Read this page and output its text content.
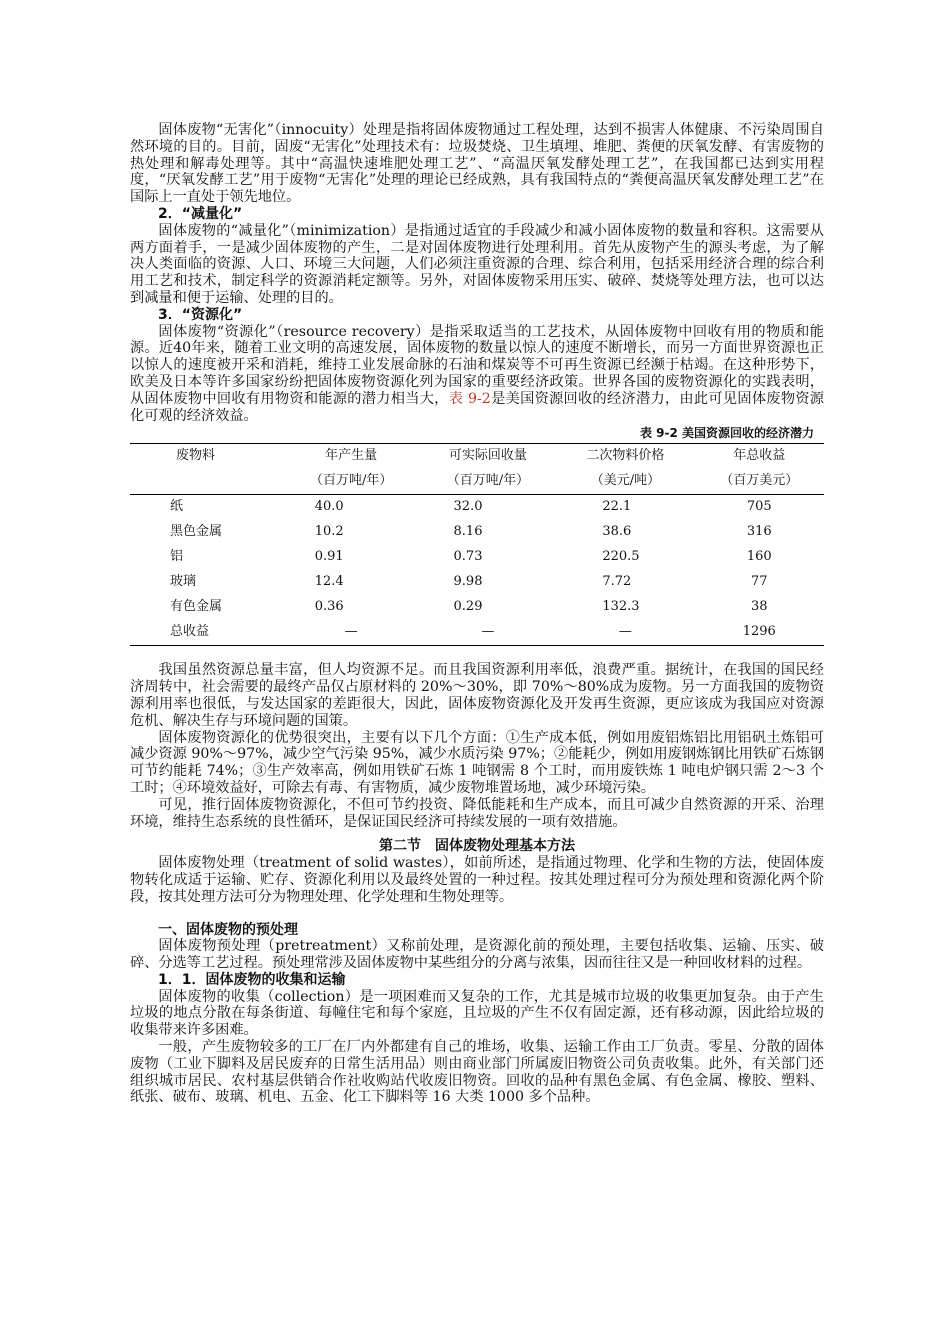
固体废物“无害化”（innocuity）处理是指将固体废物通过工程处理，达到不损害人体健康、不污染周围自然环境的目的。目前，固废“无害化”处理技术有：垃圾焚烧、卫生填埋、堆肥、粪便的厌氧发酵、有害废物的热处理和解毒处理等。其中“高温快速堆肥处理工艺”、“高温厌氧发酵处理工艺”，在我国都已达到实用程度，“厌氧发酵工艺”用于废物“无害化”处理的理论已经成熟，具有我国特点的“粪便高温厌氧发酵处理工艺”在国际上一直处于领先地位。

2．“减量化”

固体废物的“减量化”（minimization）是指通过适宜的手段减少和减小固体废物的数量和容积。这需要从两方面着手，一是减少固体废物的产生，二是对固体废物进行处理利用。首先从废物产生的源头考虑，为了解决人类面临的资源、人口、环境三大问题，人们必须注重资源的合理、综合利用，包括采用经济合理的综合利用工艺和技术，制定科学的资源消耗定额等。另外，对固体废物采用压实、破碎、焚烧等处理方法，也可以达到减量和便于运输、处理的目的。

3．“资源化”

固体废物“资源化”（resource recovery）是指采取适当的工艺技术，从固体废物中回收有用的物质和能源。近40年来，随着工业文明的高速发展，固体废物的数量以惊人的速度不断增长，而另一方面世界资源也正以惊人的速度被开采和消耗，维持工业发展命脉的石油和煤炭等不可再生资源已经濒于枯竭。在这种形势下，欧美及日本等许多国家纷纷把固体废物资源化列为国家的重要经济政策。世界各国的废物资源化的实践表明，从固体废物中回收有用物资和能源的潜力相当大，表 9-2是美国资源回收的经济潜力，由此可见固体废物资源化可观的经济效益。

表 9-2 美国资源回收的经济潜力
废物料	年产生量	可实际回收量	二次物料价格	年总收益
	（百万吨/年）	（百万吨/年）	（美元/吨）	（百万美元）
纸	40.0	32.0	22.1	705
黑色金属	10.2	8.16	38.6	316
铝	0.91	0.73	220.5	160
玻璃	12.4	9.98	7.72	77
有色金属	0.36	0.29	132.3	38
总收益	—	—	—	1296

我国虽然资源总量丰富，但人均资源不足。而且我国资源利用率低，浪费严重。据统计，在我国的国民经济周转中，社会需要的最终产品仅占原材料的 20%～30%，即 70%～80%成为废物。另一方面我国的废物资源利用率也很低，与发达国家的差距很大，因此，固体废物资源化及开发再生资源，更应该成为我国应对资源危机、解决生存与环境问题的国策。

固体废物资源化的优势很突出，主要有以下几个方面：①生产成本低，例如用废铝炼铝比用铝矾土炼铝可减少资源 90%～97%，减少空气污染 95%，减少水质污染 97%；②能耗少，例如用废钢炼钢比用铁矿石炼钢可节约能耗 74%；③生产效率高，例如用铁矿石炼 1 吨钢需 8 个工时，而用废铁炼 1 吨电炉钢只需 2～3 个工时；④环境效益好，可除去有毒、有害物质，减少废物堆置场地，减少环境污染。

可见，推行固体废物资源化，不但可节约投资、降低能耗和生产成本，而且可减少自然资源的开采、治理环境，维持生态系统的良性循环，是保证国民经济可持续发展的一项有效措施。

第二节　固体废物处理基本方法

固体废物处理（treatment of solid wastes），如前所述，是指通过物理、化学和生物的方法，使固体废物转化成适于运输、贮存、资源化利用以及最终处置的一种过程。按其处理过程可分为预处理和资源化两个阶段，按其处理方法可分为物理处理、化学处理和生物处理等。

一、固体废物的预处理

固体废物预处理（pretreatment）又称前处理，是资源化前的预处理，主要包括收集、运输、压实、破碎、分选等工艺过程。预处理常涉及固体废物中某些组分的分离与浓集，因而往往又是一种回收材料的过程。

1．1．固体废物的收集和运输

固体废物的收集（collection）是一项困难而又复杂的工作，尤其是城市垃圾的收集更加复杂。由于产生垃圾的地点分散在每条街道、每幢住宅和每个家庭，且垃圾的产生不仅有固定源，还有移动源，因此给垃圾的收集带来许多困难。

一般，产生废物较多的工厂在厂内外都建有自己的堆场，收集、运输工作由工厂负责。零星、分散的固体废物（工业下脚料及居民废弃的日常生活用品）则由商业部门所属废旧物资公司负责收集。此外，有关部门还组织城市居民、农村基层供销合作社收购站代收废旧物资。回收的品种有黑色金属、有色金属、橡胶、塑料、纸张、破布、玻璃、机电、五金、化工下脚料等 16 大类 1000 多个品种。
